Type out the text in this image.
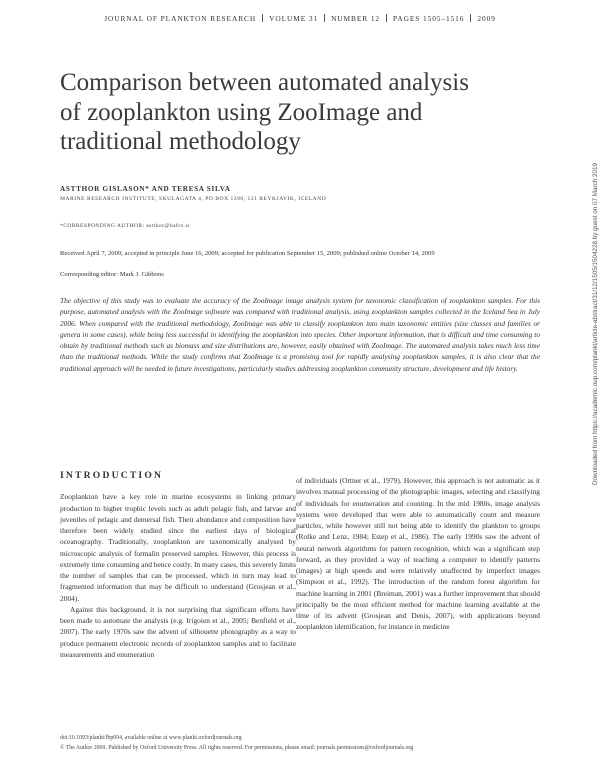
JOURNAL OF PLANKTON RESEARCH VOLUME 31 NUMBER 12 PAGES 1505–1516 2009
Comparison between automated analysis of zooplankton using ZooImage and traditional methodology
ASTTHOR GISLASON* AND TERESA SILVA
MARINE RESEARCH INSTITUTE, SKULAGATA 4, PO BOX 1390, 121 REYKJAVIK, ICELAND
*CORRESPONDING AUTHOR: astthor@hafro.is
Received April 7, 2009; accepted in principle June 16, 2009; accepted for publication September 15, 2009; published online October 14, 2009
Corresponding editor: Mark J. Gibbons

The objective of this study was to evaluate the accuracy of the ZooImage image analysis system for taxonomic classification of zooplankton samples. For this purpose, automated analysis with the ZooImage software was compared with traditional analysis, using zooplankton samples collected in the Iceland Sea in July 2006. When compared with the traditional methodology, ZooImage was able to classify zooplankton into main taxonomic entities (size classes and families or genera in some cases), while being less successful in identifying the zooplankton into species. Other important information, that is difficult and time consuming to obtain by traditional methods such as biomass and size distributions are, however, easily obtained with ZooImage. The automated analysis takes much less time than the traditional methods. While the study confirms that ZooImage is a promising tool for rapidly analysing zooplankton samples, it is also clear that the traditional approach will be needed in future investigations, particularly studies addressing zooplankton community structure, development and life history.

INTRODUCTION

Zooplankton have a key role in marine ecosystems in linking primary production to higher trophic levels such as adult pelagic fish, and larvae and juveniles of pelagic and demersal fish. Their abundance and composition have therefore been widely studied since the earliest days of biological oceanography. Traditionally, zooplankton are taxonomically analysed by microscopic analysis of formalin preserved samples. However, this process is extremely time consuming and hence costly. In many cases, this severely limits the number of samples that can be processed, which in turn may lead to fragmented information that may be difficult to understand (Grosjean et al., 2004).

Against this background, it is not surprising that significant efforts have been made to automate the analysis (e.g. Irigoien et al., 2005; Benfield et al., 2007). The early 1970s saw the advent of silhouette photography as a way to produce permanent electronic records of zooplankton samples and to facilitate measurements and enumeration

of individuals (Ortner et al., 1979). However, this approach is not automatic as it involves manual processing of the photographic images, selecting and classifying of individuals for enumeration and counting. In the mid 1980s, image analysis systems were developed that were able to automatically count and measure particles, while however still not being able to identify the plankton to groups (Rolke and Lenz, 1984; Estep et al., 1986). The early 1990s saw the advent of neural network algorithms for pattern recognition, which was a significant step forward, as they provided a way of teaching a computer to identify patterns (images) at high speeds and were relatively unaffected by imperfect images (Simpson et al., 1992). The introduction of the random forest algorithm for machine learning in 2001 (Breiman, 2001) was a further improvement that should principally be the most efficient method for machine learning available at the time of its advent (Grosjean and Denis, 2007), with applications beyond zooplankton identification, for instance in medicine

doi:10.1093/plankt/fbp094, available online at www.plankt.oxfordjournals.org
© The Author 2009. Published by Oxford University Press. All rights reserved. For permissions, please email: journals.permissions@oxfordjournals.org
Downloaded from https://academic.oup.com/plankt/article-abstract/31/12/1505/1504228 by guest on 07 March 2019
